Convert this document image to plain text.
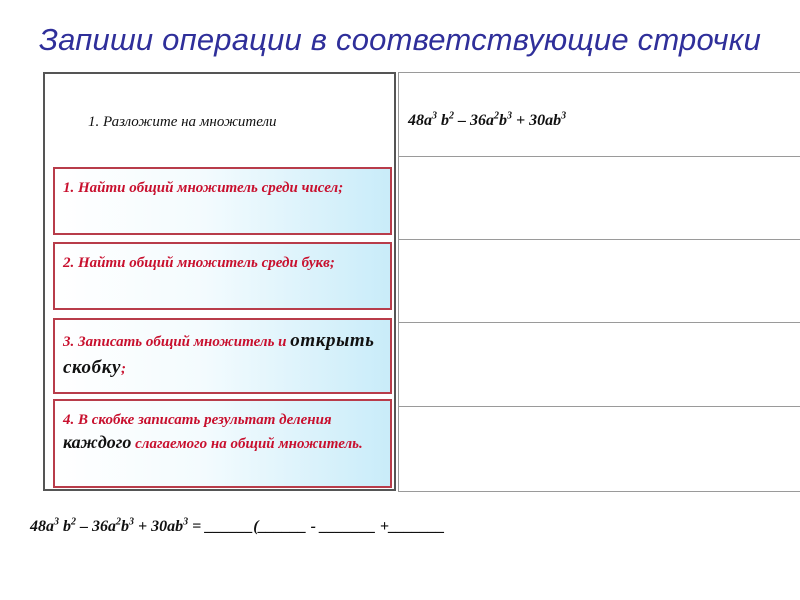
Запиши операции в соответствующие строчки
1. Разложите на множители	$48a^3$ $b^2 - 36a^2b^3 + 30ab^3$
1. Найти общий множитель среди чисел;
2. Найти общий множитель среди букв;
3. Записать общий множитель и открыть скобку;
4. В скобке записать результат деления каждого слагаемого на общий множитель.
$48a^3$ $b^2 - 36a^2b^3 + 30ab^3$ = ______(______ - _______ +_______
